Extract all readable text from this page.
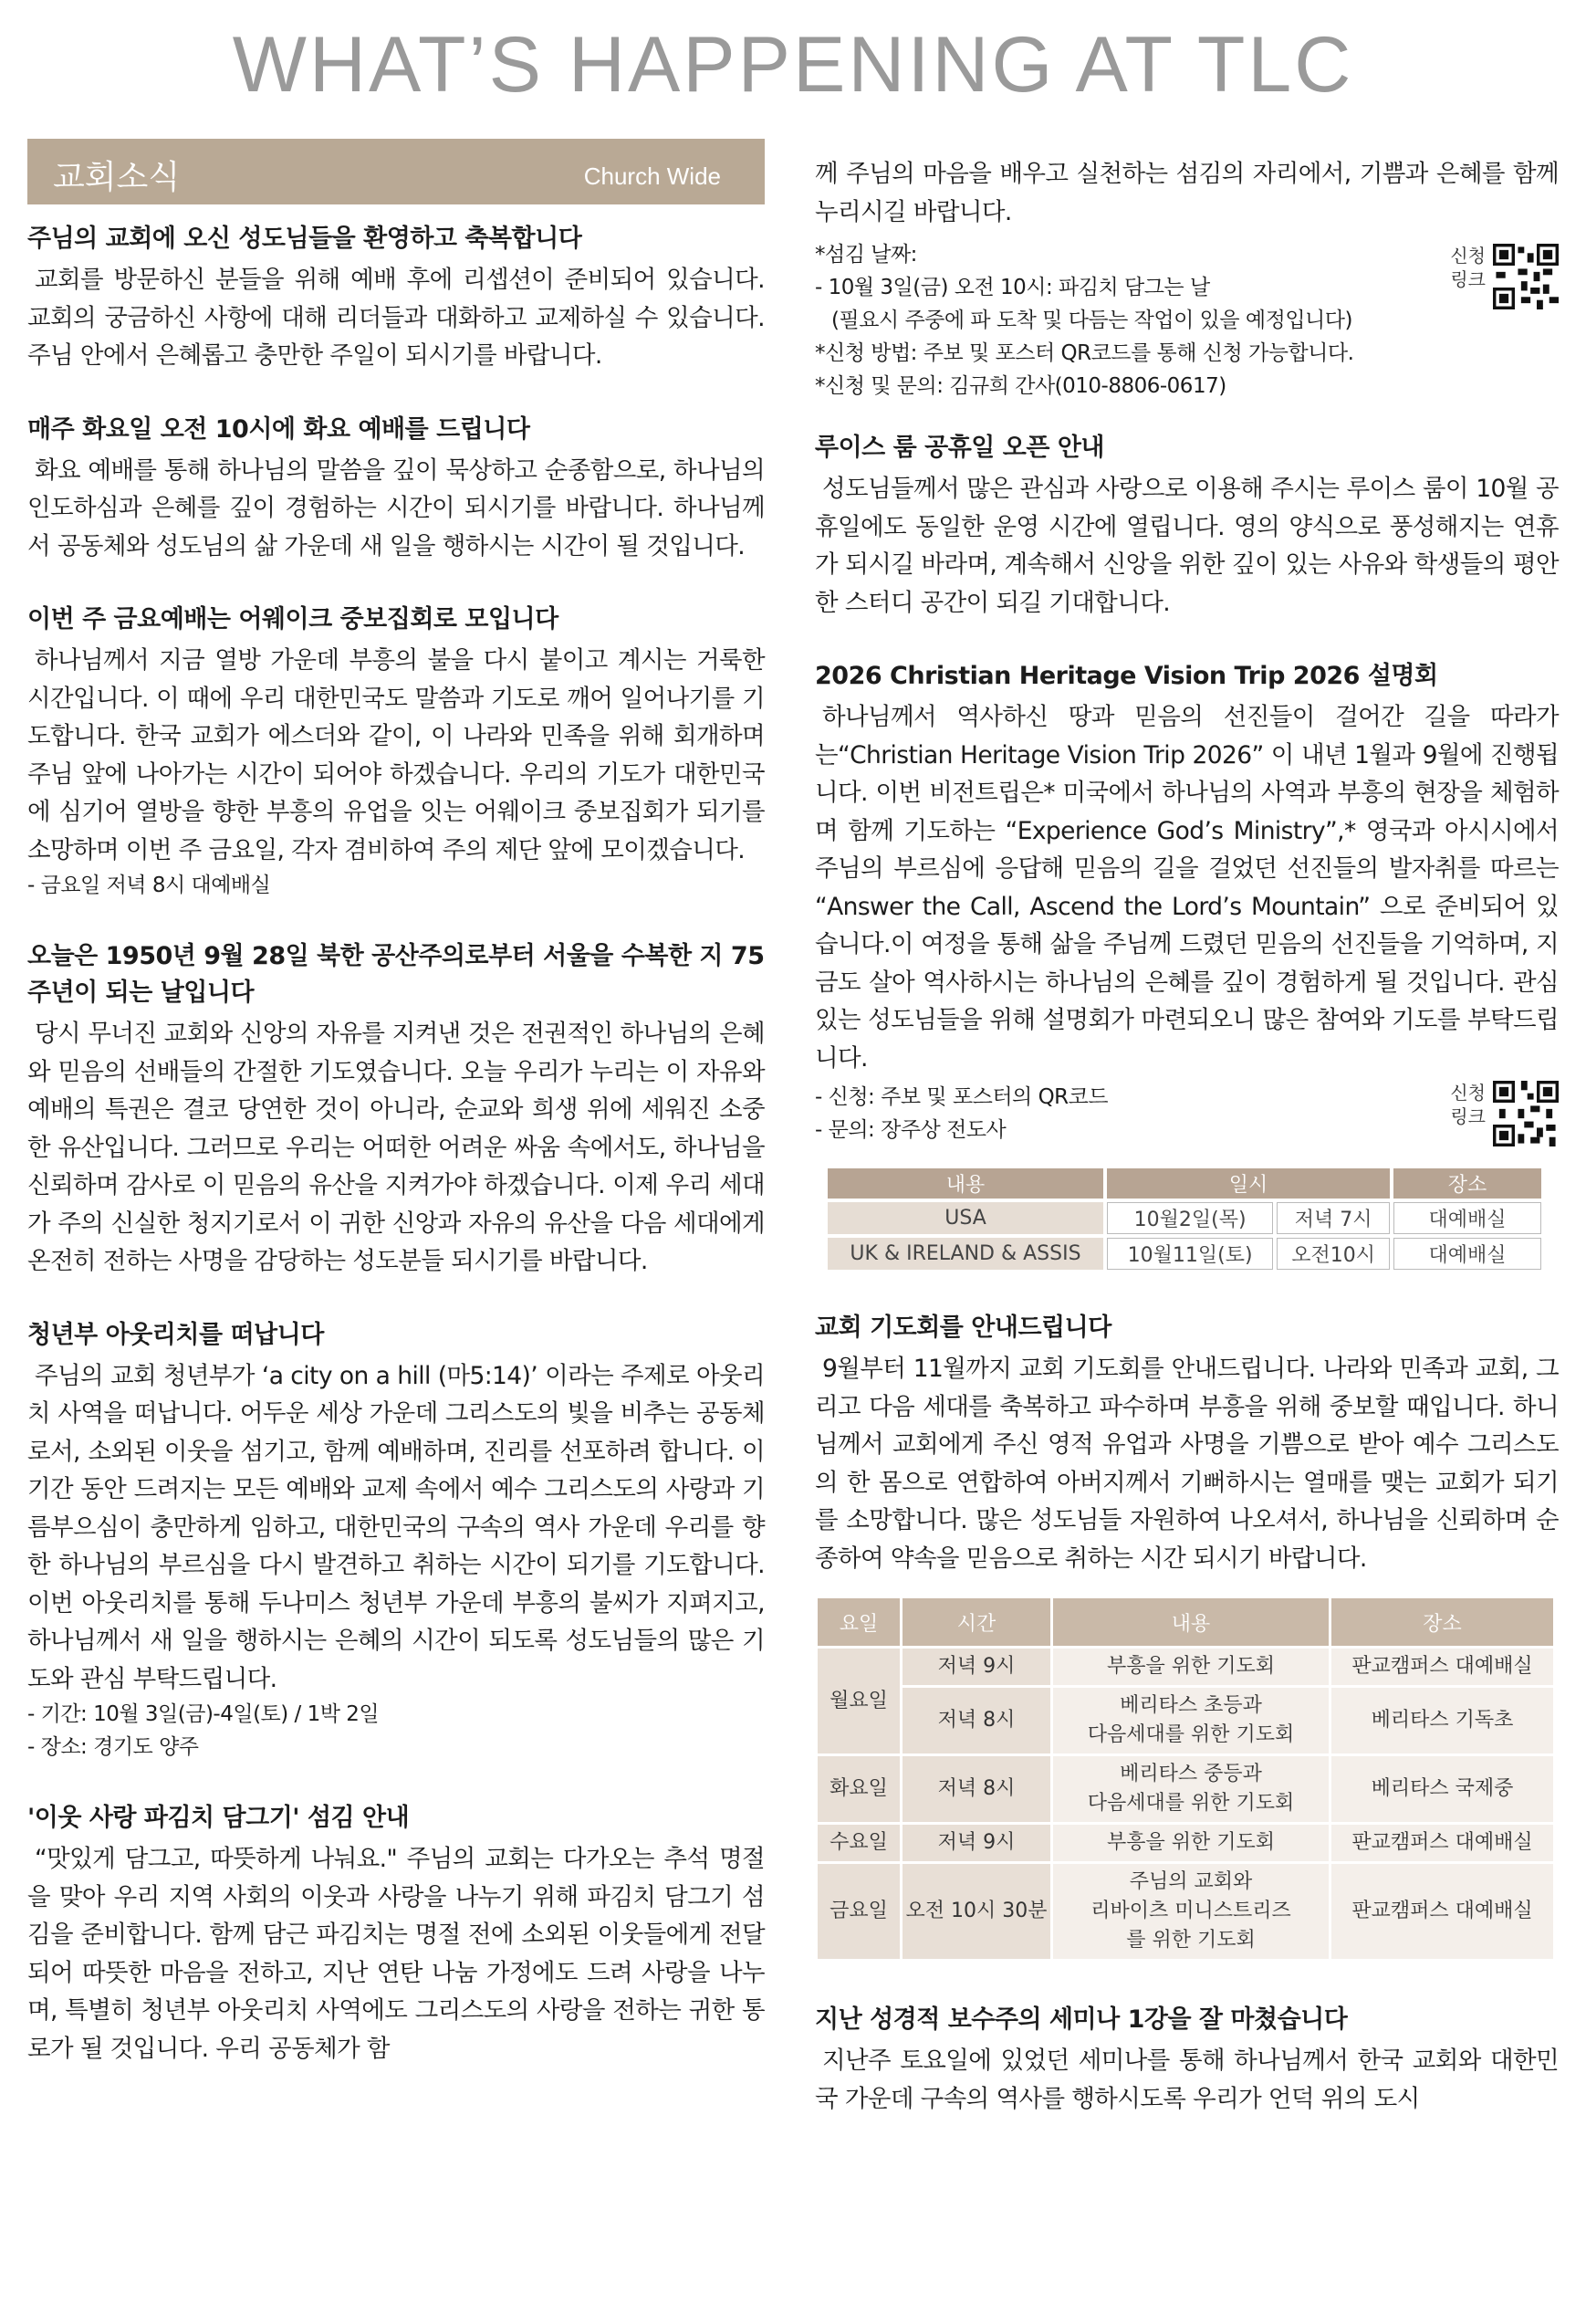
WHAT’S HAPPENING AT TLC
교회소식	Church Wide
주님의 교회에 오신 성도님들을 환영하고 축복합니다

교회를 방문하신 분들을 위해 예배 후에 리셉션이 준비되어 있습니다. 교회의 궁금하신 사항에 대해 리더들과 대화하고 교제하실 수 있습니다. 주님 안에서 은혜롭고 충만한 주일이 되시기를 바랍니다.

매주 화요일 오전 10시에 화요 예배를 드립니다

화요 예배를 통해 하나님의 말씀을 깊이 묵상하고 순종함으로, 하나님의 인도하심과 은혜를 깊이 경험하는 시간이 되시기를 바랍니다. 하나님께서 공동체와 성도님의 삶 가운데 새 일을 행하시는 시간이 될 것입니다.

이번 주 금요예배는 어웨이크 중보집회로 모입니다

하나님께서 지금 열방 가운데 부흥의 불을 다시 붙이고 계시는 거룩한 시간입니다. 이 때에 우리 대한민국도 말씀과 기도로 깨어 일어나기를 기도합니다. 한국 교회가 에스더와 같이, 이 나라와 민족을 위해 회개하며 주님 앞에 나아가는 시간이 되어야 하겠습니다. 우리의 기도가 대한민국에 심기어 열방을 향한 부흥의 유업을 잇는 어웨이크 중보집회가 되기를 소망하며 이번 주 금요일, 각자 겸비하여 주의 제단 앞에 모이겠습니다.

- 금요일 저녁 8시 대예배실
오늘은 1950년 9월 28일 북한 공산주의로부터 서울을 수복한 지 75주년이 되는 날입니다

당시 무너진 교회와 신앙의 자유를 지켜낸 것은 전권적인 하나님의 은혜와 믿음의 선배들의 간절한 기도였습니다. 오늘 우리가 누리는 이 자유와 예배의 특권은 결코 당연한 것이 아니라, 순교와 희생 위에 세워진 소중한 유산입니다. 그러므로 우리는 어떠한 어려운 싸움 속에서도, 하나님을 신뢰하며 감사로 이 믿음의 유산을 지켜가야 하겠습니다. 이제 우리 세대가 주의 신실한 청지기로서 이 귀한 신앙과 자유의 유산을 다음 세대에게 온전히 전하는 사명을 감당하는 성도분들 되시기를 바랍니다.

청년부 아웃리치를 떠납니다

주님의 교회 청년부가 ‘a city on a hill (마5:14)’ 이라는 주제로 아웃리치 사역을 떠납니다. 어두운 세상 가운데 그리스도의 빛을 비추는 공동체로서, 소외된 이웃을 섬기고, 함께 예배하며, 진리를 선포하려 합니다. 이 기간 동안 드려지는 모든 예배와 교제 속에서 예수 그리스도의 사랑과 기름부으심이 충만하게 임하고, 대한민국의 구속의 역사 가운데 우리를 향한 하나님의 부르심을 다시 발견하고 취하는 시간이 되기를 기도합니다. 이번 아웃리치를 통해 두나미스 청년부 가운데 부흥의 불씨가 지펴지고, 하나님께서 새 일을 행하시는 은혜의 시간이 되도록 성도님들의 많은 기도와 관심 부탁드립니다.

- 기간: 10월 3일(금)-4일(토) / 1박 2일
- 장소: 경기도 양주
'이웃 사랑 파김치 담그기' 섬김 안내

“맛있게 담그고, 따뜻하게 나눠요." 주님의 교회는 다가오는 추석 명절을 맞아 우리 지역 사회의 이웃과 사랑을 나누기 위해 파김치 담그기 섬김을 준비합니다. 함께 담근 파김치는 명절 전에 소외된 이웃들에게 전달되어 따뜻한 마음을 전하고, 지난 연탄 나눔 가정에도 드려 사랑을 나누며, 특별히 청년부 아웃리치 사역에도 그리스도의 사랑을 전하는 귀한 통로가 될 것입니다. 우리 공동체가 함

께 주님의 마음을 배우고 실천하는 섬김의 자리에서, 기쁨과 은혜를 함께 누리시길 바랍니다.

*섬김 날짜:
- 10월 3일(금) 오전 10시: 파김치 담그는 날
(필요시 주중에 파 도착 및 다듬는 작업이 있을 예정입니다)
*신청 방법: 주보 및 포스터 QR코드를 통해 신청 가능합니다.
*신청 및 문의: 김규희 간사(010-8806-0617)
신청
링크
루이스 룸 공휴일 오픈 안내

성도님들께서 많은 관심과 사랑으로 이용해 주시는 루이스 룸이 10월 공휴일에도 동일한 운영 시간에 열립니다. 영의 양식으로 풍성해지는 연휴가 되시길 바라며, 계속해서 신앙을 위한 깊이 있는 사유와 학생들의 평안한 스터디 공간이 되길 기대합니다.

2026 Christian Heritage Vision Trip 2026 설명회

하나님께서 역사하신 땅과 믿음의 선진들이 걸어간 길을 따라가는“Christian Heritage Vision Trip 2026” 이 내년 1월과 9월에 진행됩니다. 이번 비전트립은* 미국에서 하나님의 사역과 부흥의 현장을 체험하며 함께 기도하는 “Experience God’s Ministry”,* 영국과 아시시에서 주님의 부르심에 응답해 믿음의 길을 걸었던 선진들의 발자취를 따르는 “Answer the Call, Ascend the Lord’s Mountain” 으로 준비되어 있습니다.이 여정을 통해 삶을 주님께 드렸던 믿음의 선진들을 기억하며, 지금도 살아 역사하시는 하나님의 은혜를 깊이 경험하게 될 것입니다. 관심 있는 성도님들을 위해 설명회가 마련되오니 많은 참여와 기도를 부탁드립니다.

- 신청: 주보 및 포스터의 QR코드
- 문의: 장주상 전도사
신청
링크
내용	일시		장소
USA	10월2일(목)	저녁 7시	대예배실
UK & IRELAND & ASSIS	10월11일(토)	오전10시	대예배실
교회 기도회를 안내드립니다

9월부터 11월까지 교회 기도회를 안내드립니다. 나라와 민족과 교회, 그리고 다음 세대를 축복하고 파수하며 부흥을 위해 중보할 때입니다. 하니님께서 교회에게 주신 영적 유업과 사명을 기쁨으로 받아 예수 그리스도의 한 몸으로 연합하여 아버지께서 기뻐하시는 열매를 맺는 교회가 되기를 소망합니다. 많은 성도님들 자원하여 나오셔서, 하나님을 신뢰하며 순종하여 약속을 믿음으로 취하는 시간 되시기 바랍니다.

요일	시간	내용	장소
월요일	저녁 9시	부흥을 위한 기도회	판교캠퍼스 대예배실
	저녁 8시	베리타스 초등과
다음세대를 위한 기도회	베리타스 기독초
화요일	저녁 8시	베리타스 중등과
다음세대를 위한 기도회	베리타스 국제중
수요일	저녁 9시	부흥을 위한 기도회	판교캠퍼스 대예배실
금요일	오전 10시 30분	주님의 교회와
리바이츠 미니스트리즈
를 위한 기도회	판교캠퍼스 대예배실
지난 성경적 보수주의 세미나 1강을 잘 마쳤습니다

지난주 토요일에 있었던 세미나를 통해 하나님께서 한국 교회와 대한민국 가운데 구속의 역사를 행하시도록 우리가 언덕 위의 도시
